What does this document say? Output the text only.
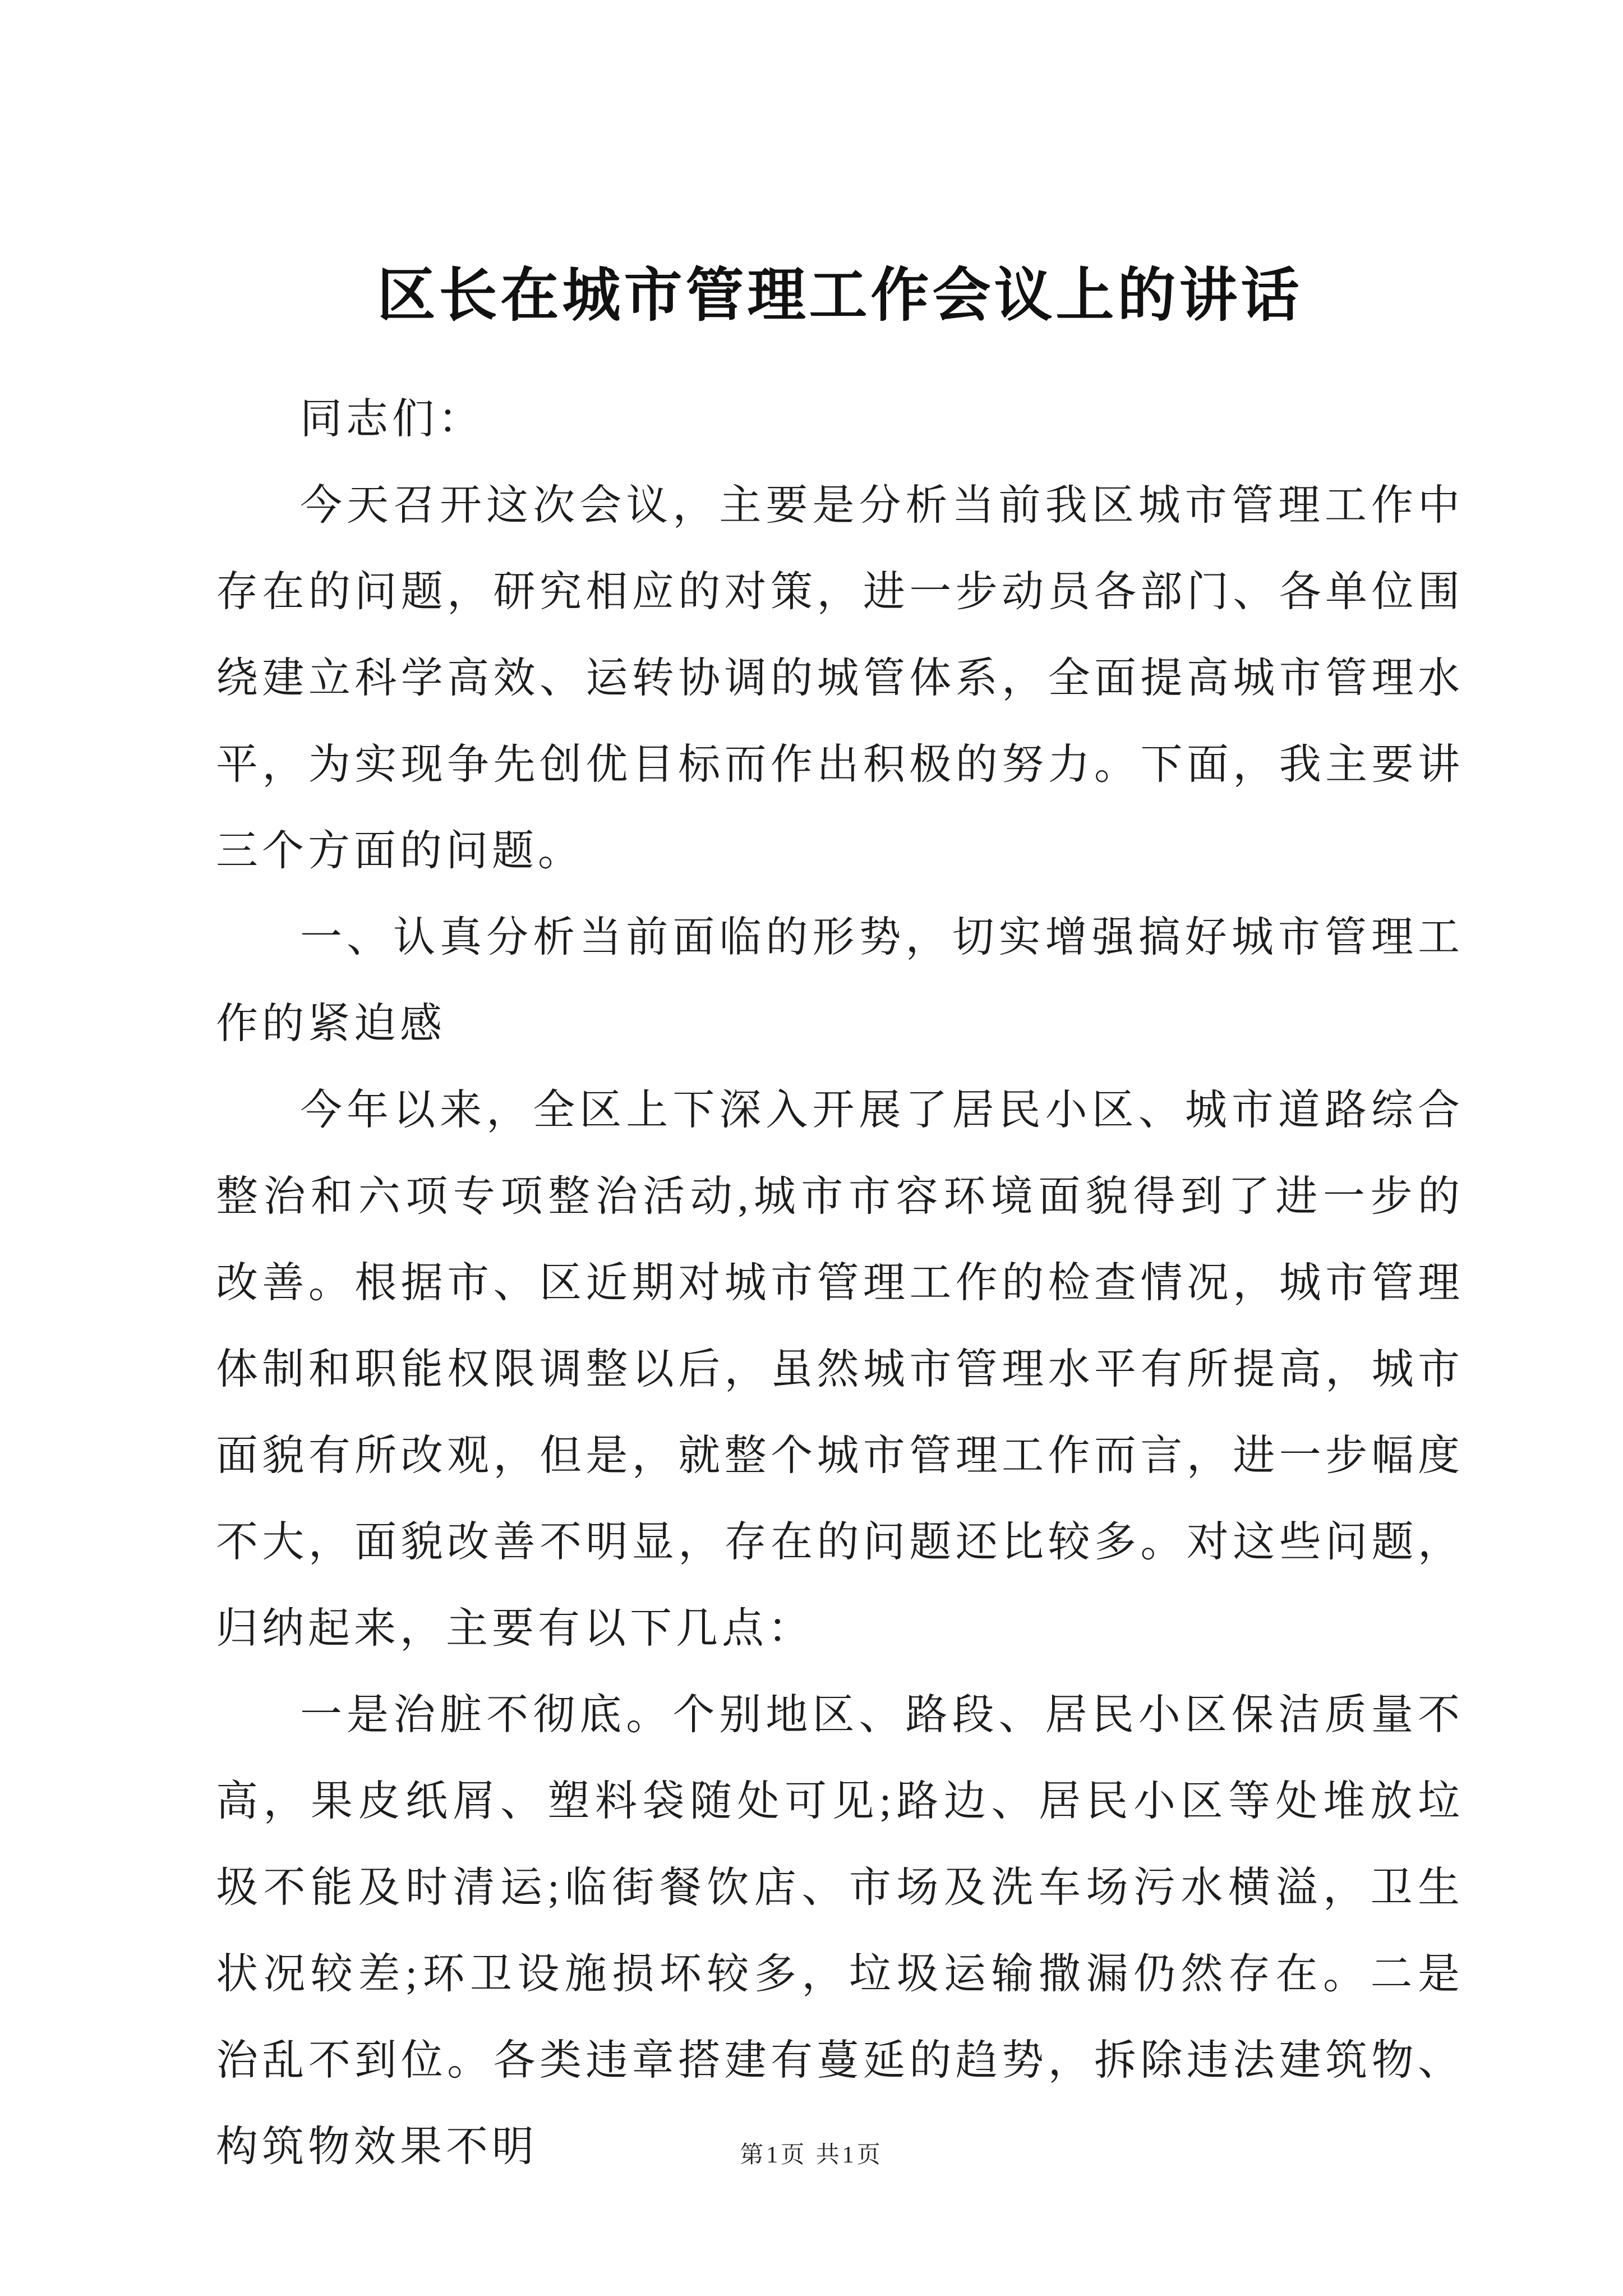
区长在城市管理工作会议上的讲话

同志们：

今天召开这次会议，主要是分析当前我区城市管理工作中存在的问题，研究相应的对策，进一步动员各部门、各单位围绕建立科学高效、运转协调的城管体系，全面提高城市管理水平，为实现争先创优目标而作出积极的努力。下面，我主要讲三个方面的问题。

一、认真分析当前面临的形势，切实增强搞好城市管理工作的紧迫感

今年以来，全区上下深入开展了居民小区、城市道路综合整治和六项专项整治活动,城市市容环境面貌得到了进一步的改善。根据市、区近期对城市管理工作的检查情况，城市管理体制和职能权限调整以后，虽然城市管理水平有所提高，城市面貌有所改观，但是，就整个城市管理工作而言，进一步幅度不大，面貌改善不明显，存在的问题还比较多。对这些问题，归纳起来，主要有以下几点：

一是治脏不彻底。个别地区、路段、居民小区保洁质量不高，果皮纸屑、塑料袋随处可见;路边、居民小区等处堆放垃圾不能及时清运;临街餐饮店、市场及洗车场污水横溢，卫生状况较差;环卫设施损坏较多，垃圾运输撒漏仍然存在。二是治乱不到位。各类违章搭建有蔓延的趋势，拆除违法建筑物、构筑物效果不明	第1页 共1页
